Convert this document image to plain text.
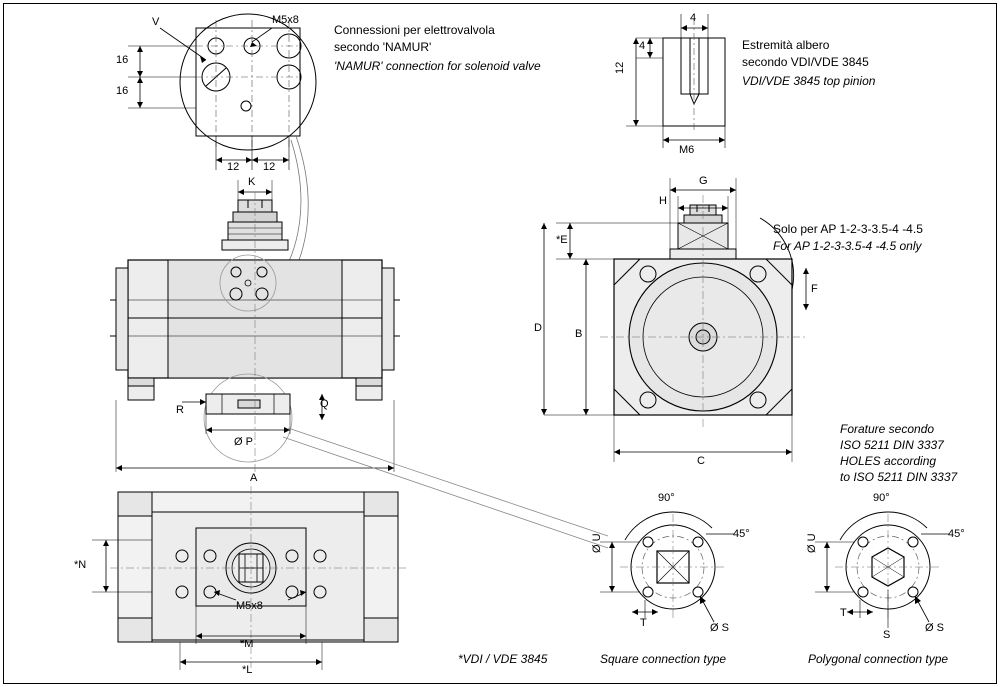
V	M5x8
16
16
12 12
Connessioni per elettrovalvola
secondo 'NAMUR'
'NAMUR' connection for solenoid valve
4
4
12
M6
Estremità albero
secondo VDI/VDE 3845
VDI/VDE 3845 top pinion
K
R	Q
Ø P
A
G
H
*E
F
D	B
C
Solo per AP 1-2-3-3.5-4 -4.5
For AP 1-2-3-3.5-4 -4.5 only
*N
M5x8
*M
*L
90°
45°
Ø U
T	Ø S
Square connection type
*VDI / VDE 3845
90°
45°
Ø U
T
S
Ø S
Polygonal connection type
Forature secondo
ISO 5211 DIN 3337
HOLES according
to ISO 5211 DIN 3337
